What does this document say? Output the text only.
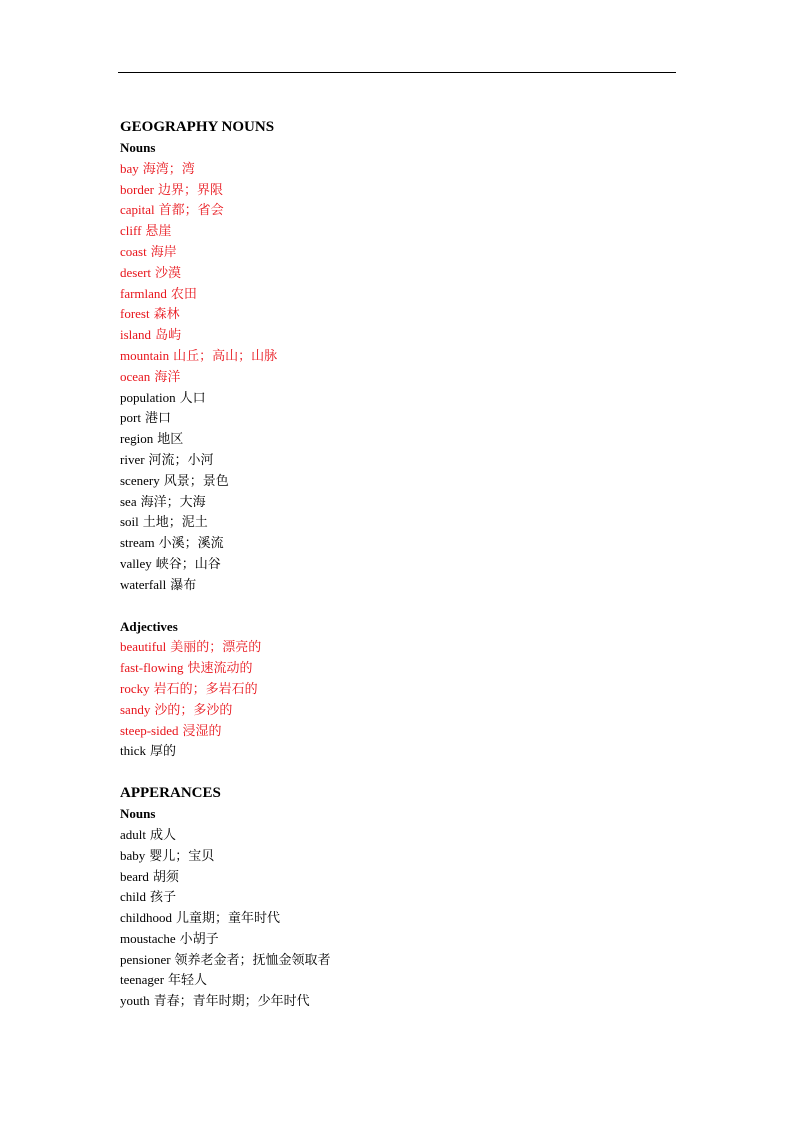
GEOGRAPHY NOUNS
Nouns
bay 海湾；湾
border 边界；界限
capital 首都；省会
cliff 悬崖
coast 海岸
desert 沙漠
farmland 农田
forest 森林
island 岛屿
mountain 山丘；高山；山脉
ocean 海洋
population 人口
port 港口
region 地区
river 河流；小河
scenery 风景；景色
sea 海洋；大海
soil 土地；泥土
stream 小溪；溪流
valley 峡谷；山谷
waterfall 瀑布
Adjectives
beautiful 美丽的；漂亮的
fast-flowing 快速流动的
rocky 岩石的；多岩石的
sandy 沙的；多沙的
steep-sided 浸湿的
thick 厚的
APPERANCES
Nouns
adult 成人
baby 婴儿；宝贝
beard 胡须
child 孩子
childhood 儿童期；童年时代
moustache 小胡子
pensioner 领养老金者；抚恤金领取者
teenager 年轻人
youth 青春；青年时期；少年时代
